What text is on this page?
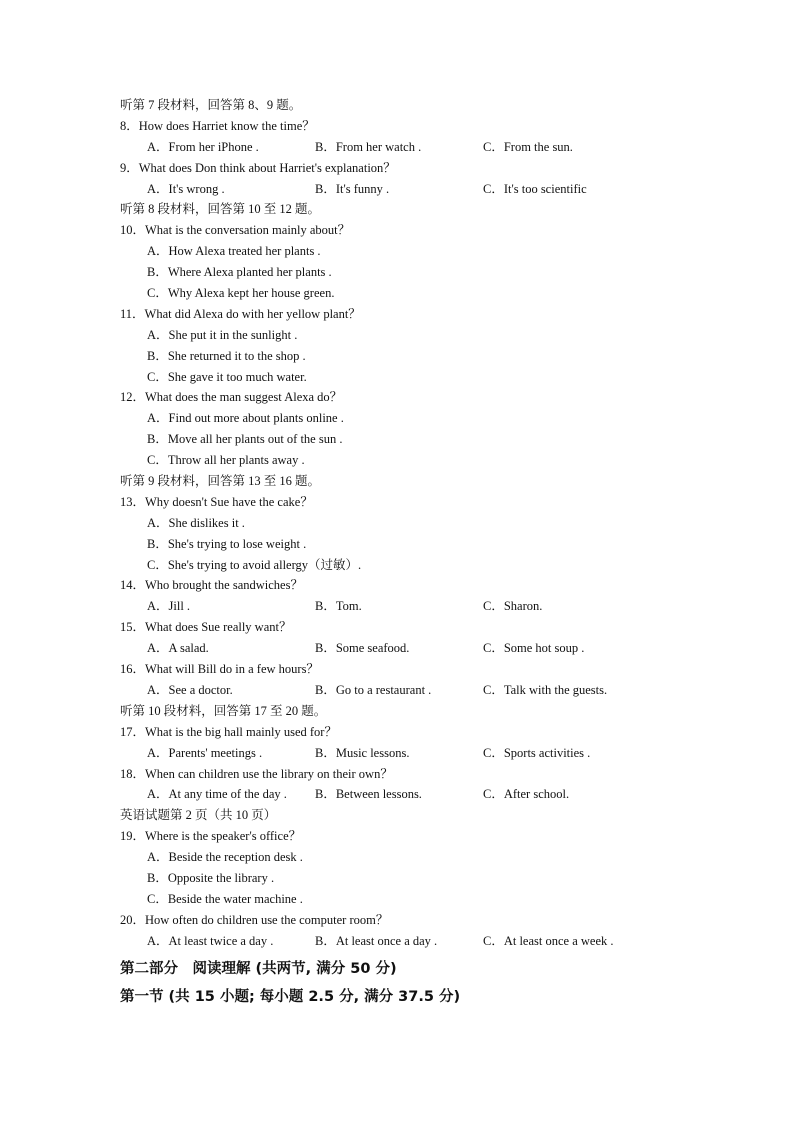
听第 7 段材料，回答第 8、9 题。
8．How does Harriet know the time？
A．From her iPhone .	B．From her watch .	C．From the sun.
9．What does Don think about Harriet's explanation？
A．It's wrong .	B．It's funny .	C．It's too scientific
听第 8 段材料，回答第 10 至 12 题。
10．What is the conversation mainly about？
A．How Alexa treated her plants .
B．Where Alexa planted her plants .
C．Why Alexa kept her house green.
11．What did Alexa do with her yellow plant？
A．She put it in the sunlight .
B．She returned it to the shop .
C．She gave it too much water.
12．What does the man suggest Alexa do？
A．Find out more about plants online .
B．Move all her plants out of the sun .
C．Throw all her plants away .
听第 9 段材料，回答第 13 至 16 题。
13．Why doesn't Sue have the cake？
A．She dislikes it .
B．She's trying to lose weight .
C．She's trying to avoid allergy（过敏）.
14．Who brought the sandwiches？
A．Jill .	B．Tom.	C．Sharon.
15．What does Sue really want？
A．A salad.	B．Some seafood.	C．Some hot soup .
16．What will Bill do in a few hours？
A．See a doctor.	B．Go to a restaurant .	C．Talk with the guests.
听第 10 段材料，回答第 17 至 20 题。
17．What is the big hall mainly used for？
A．Parents' meetings .	B．Music lessons.	C．Sports activities .
18．When can children use the library on their own？
A．At any time of the day . B．Between lessons.	C．After school.
英语试题第 2 页（共 10 页）
19．Where is the speaker's office？
A．Beside the reception desk .
B．Opposite the library .
C．Beside the water machine .
20．How often do children use the computer room？
A．At least twice a day .	B．At least once a day .	C．At least once a week .
第二部分　阅读理解 (共两节, 满分 50 分)
第一节 (共 15 小题; 每小题 2.5 分, 满分 37.5 分)
